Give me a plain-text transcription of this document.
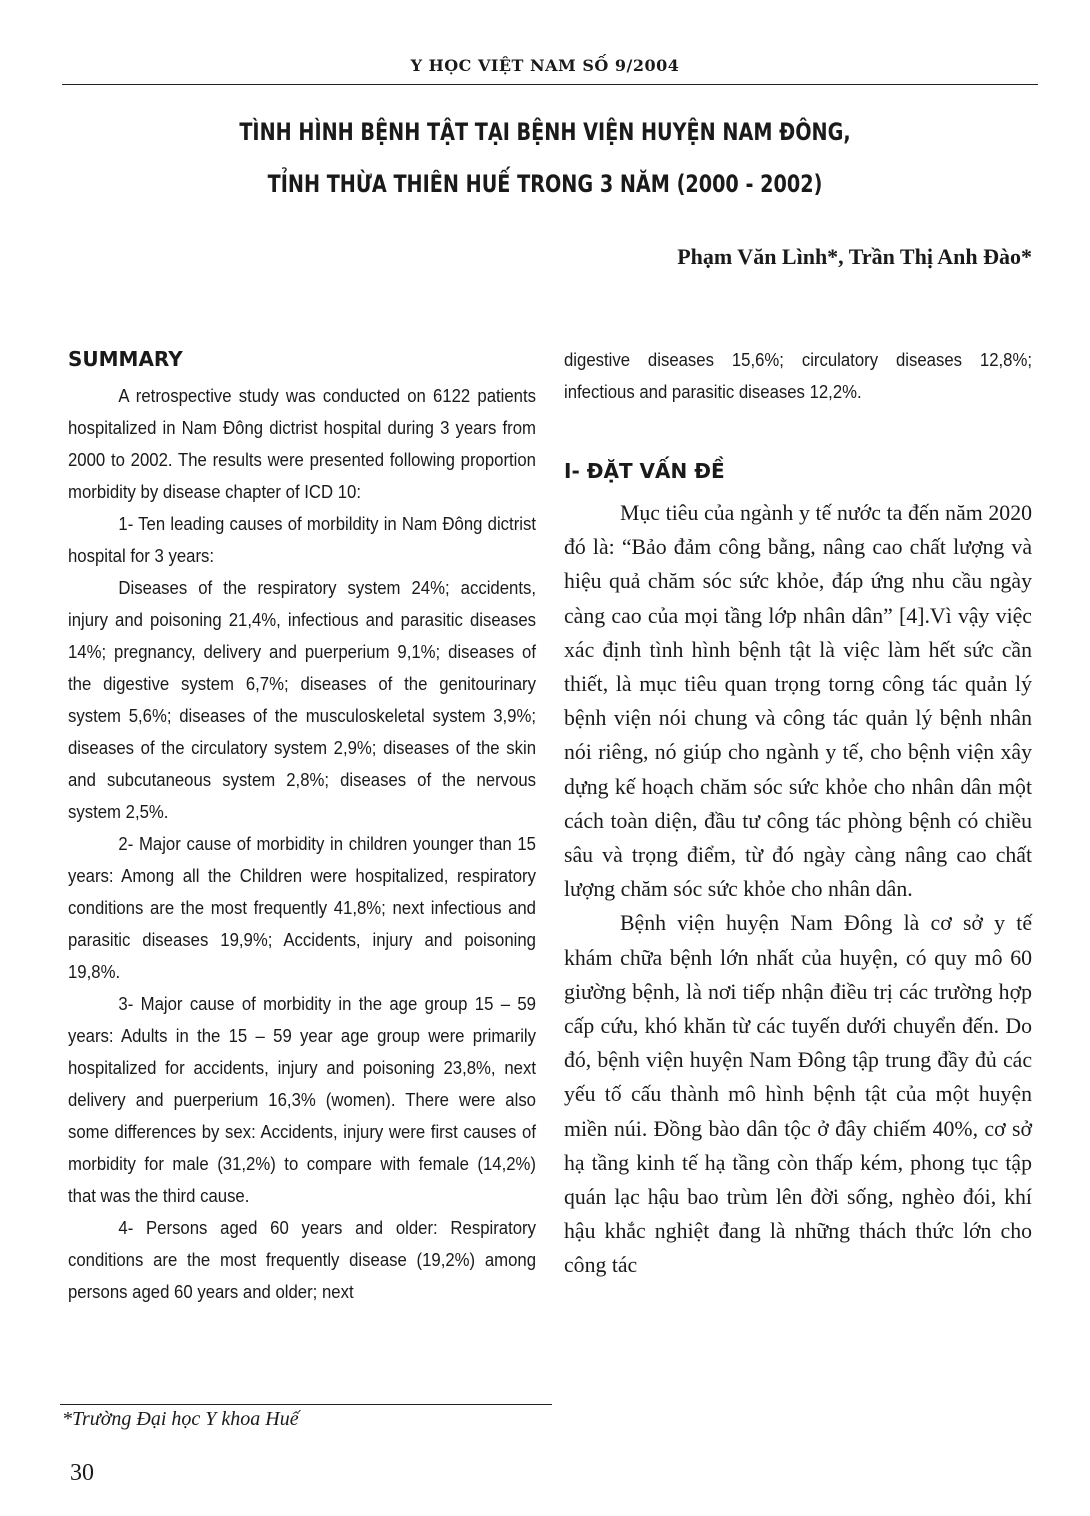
Y HỌC VIỆT NAM SỐ 9/2004
TÌNH HÌNH BỆNH TẬT TẠI BỆNH VIỆN HUYỆN NAM ĐÔNG,
TỈNH THỪA THIÊN HUẾ TRONG 3 NĂM (2000 - 2002)
Phạm Văn Lình*, Trần Thị Anh Đào*
SUMMARY

A retrospective study was conducted on 6122 patients hospitalized in Nam Đông dictrist hospital during 3 years from 2000 to 2002. The results were presented following proportion morbidity by disease chapter of ICD 10:

1- Ten leading causes of morbildity in Nam Đông dictrist hospital for 3 years:

Diseases of the respiratory system 24%; accidents, injury and poisoning 21,4%, infectious and parasitic diseases 14%; pregnancy, delivery and puerperium 9,1%; diseases of the digestive system 6,7%; diseases of the genitourinary system 5,6%; diseases of the musculoskeletal system 3,9%; diseases of the circulatory system 2,9%; diseases of the skin and subcutaneous system 2,8%; diseases of the nervous system 2,5%.

2- Major cause of morbidity in children younger than 15 years: Among all the Children were hospitalized, respiratory conditions are the most frequently 41,8%; next infectious and parasitic diseases 19,9%; Accidents, injury and poisoning 19,8%.

3- Major cause of morbidity in the age group 15 – 59 years: Adults in the 15 – 59 year age group were primarily hospitalized for accidents, injury and poisoning 23,8%, next delivery and puerperium 16,3% (women). There were also some differences by sex: Accidents, injury were first causes of morbidity for male (31,2%) to compare with female (14,2%) that was the third cause.

4- Persons aged 60 years and older: Respiratory conditions are the most frequently disease (19,2%) among persons aged 60 years and older; next

digestive diseases 15,6%; circulatory diseases 12,8%; infectious and parasitic diseases 12,2%.

I- ĐẶT VẤN ĐỀ

Mục tiêu của ngành y tế nước ta đến năm 2020 đó là: “Bảo đảm công bằng, nâng cao chất lượng và hiệu quả chăm sóc sức khỏe, đáp ứng nhu cầu ngày càng cao của mọi tầng lớp nhân dân” [4].Vì vậy việc xác định tình hình bệnh tật là việc làm hết sức cần thiết, là mục tiêu quan trọng torng công tác quản lý bệnh viện nói chung và công tác quản lý bệnh nhân nói riêng, nó giúp cho ngành y tế, cho bệnh viện xây dựng kế hoạch chăm sóc sức khỏe cho nhân dân một cách toàn diện, đầu tư công tác phòng bệnh có chiều sâu và trọng điểm, từ đó ngày càng nâng cao chất lượng chăm sóc sức khỏe cho nhân dân.

Bệnh viện huyện Nam Đông là cơ sở y tế khám chữa bệnh lớn nhất của huyện, có quy mô 60 giường bệnh, là nơi tiếp nhận điều trị các trường hợp cấp cứu, khó khăn từ các tuyến dưới chuyển đến. Do đó, bệnh viện huyện Nam Đông tập trung đầy đủ các yếu tố cấu thành mô hình bệnh tật của một huyện miền núi. Đồng bào dân tộc ở đây chiếm 40%, cơ sở hạ tầng kinh tế hạ tầng còn thấp kém, phong tục tập quán lạc hậu bao trùm lên đời sống, nghèo đói, khí hậu khắc nghiệt đang là những thách thức lớn cho công tác

*Trường Đại học Y khoa Huế
30
